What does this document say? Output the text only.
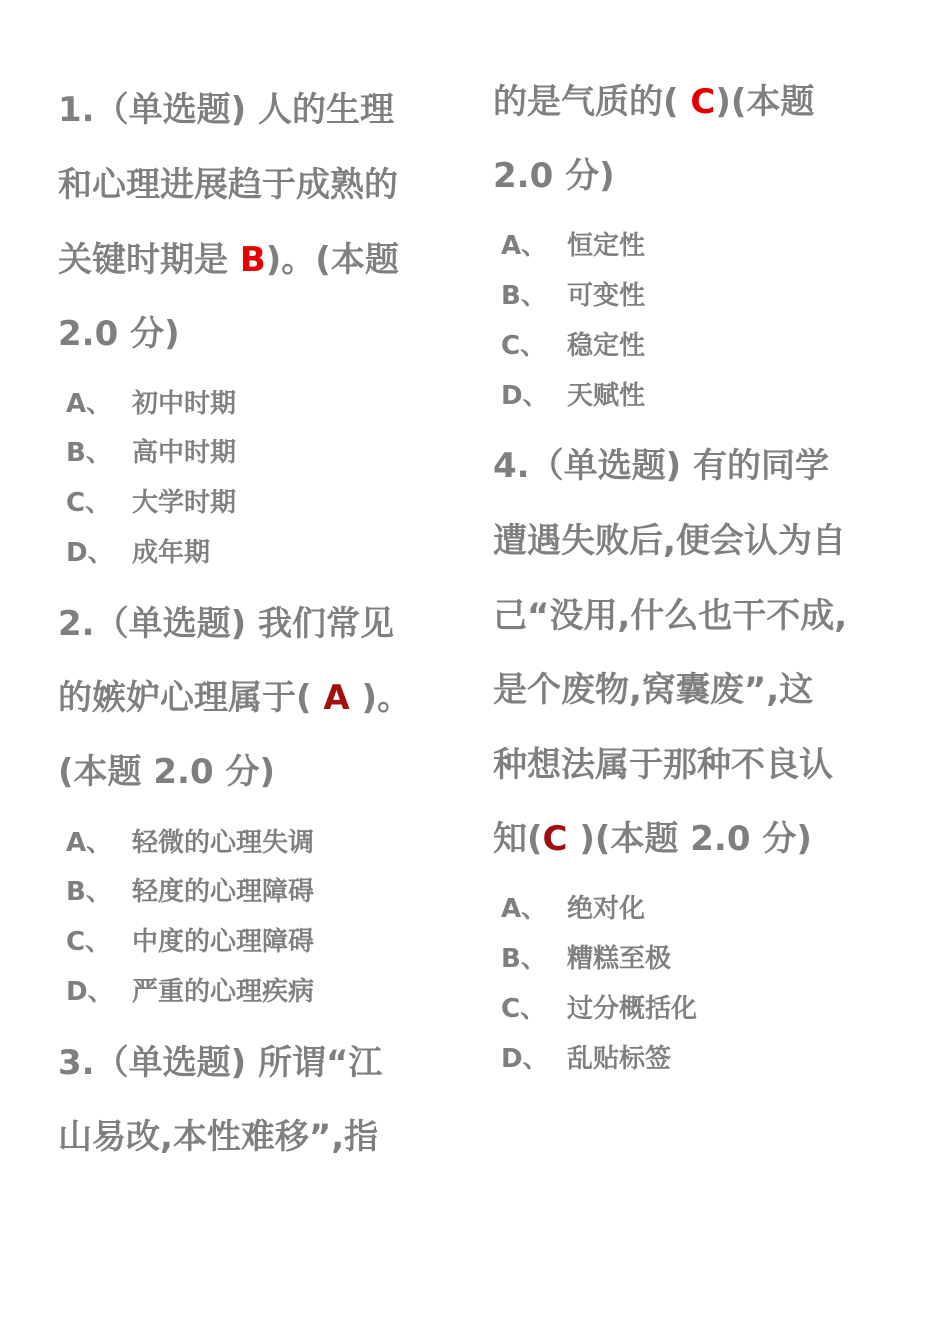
1.（单选题) 人的生理
和心理进展趋于成熟的
关键时期是 B)。(本题
2.0 分)
A、 初中时期
B、 高中时期
C、 大学时期
D、 成年期
2.（单选题) 我们常见
的嫉妒心理属于( A )。
(本题 2.0 分)
A、 轻微的心理失调
B、 轻度的心理障碍
C、 中度的心理障碍
D、 严重的心理疾病
3.（单选题) 所谓“江
山易改,本性难移”,指
的是气质的( C)(本题
2.0 分)
A、 恒定性
B、 可变性
C、 稳定性
D、 天赋性
4.（单选题) 有的同学
遭遇失败后,便会认为自
己“没用,什么也干不成,
是个废物,窝囊废”,这
种想法属于那种不良认
知(C )(本题 2.0 分)
A、 绝对化
B、 糟糕至极
C、 过分概括化
D、 乱贴标签
